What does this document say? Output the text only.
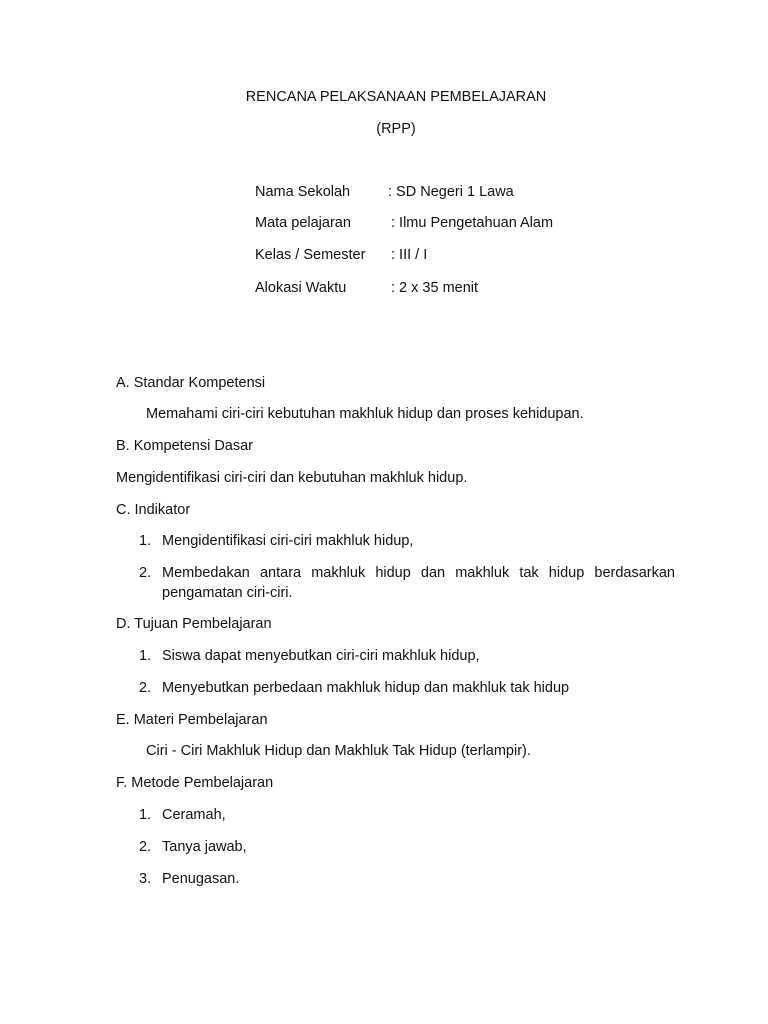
RENCANA PELAKSANAAN PEMBELAJARAN
(RPP)
Nama Sekolah	: SD Negeri 1 Lawa
Mata pelajaran	: Ilmu Pengetahuan Alam
Kelas / Semester : III / I
Alokasi Waktu	: 2 x 35 menit
A. Standar Kompetensi
Memahami ciri-ciri kebutuhan makhluk hidup dan proses kehidupan.
B. Kompetensi Dasar
Mengidentifikasi ciri-ciri dan kebutuhan makhluk hidup.
C. Indikator
1. Mengidentifikasi ciri-ciri makhluk hidup,
2. Membedakan antara makhluk hidup dan makhluk tak hidup berdasarkan pengamatan ciri-ciri.
D. Tujuan Pembelajaran
1. Siswa dapat menyebutkan ciri-ciri makhluk hidup,
2. Menyebutkan perbedaan makhluk hidup dan makhluk tak hidup
E. Materi Pembelajaran
Ciri - Ciri Makhluk Hidup dan Makhluk Tak Hidup (terlampir).
F. Metode Pembelajaran
1. Ceramah,
2. Tanya jawab,
3. Penugasan.
